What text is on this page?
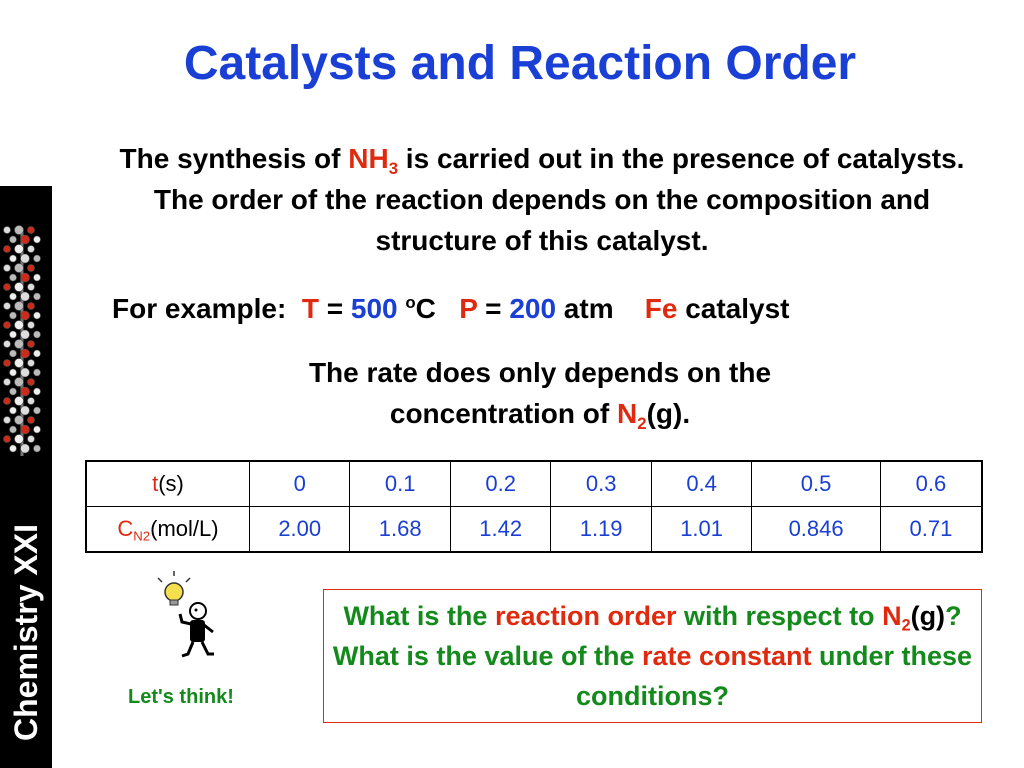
Chemistry XXI
Catalysts and Reaction Order
The synthesis of $NH_3$ is carried out in the presence of catalysts. The order of the reaction depends on the composition and structure of this catalyst.
For example: T = 500 $^o$C P = 200 atm Fe catalyst
The rate does only depends on the concentration of $N_2(g)$.
t(s)	0	0.1	0.2	0.3	0.4	0.5	0.6
$C_{N2}(mol/L)$	2.00	1.68	1.42	1.19	1.01	0.846	0.71
Let's think!
What is the reaction order with respect to $N_2(g)$? What is the value of the rate constant under these conditions?
